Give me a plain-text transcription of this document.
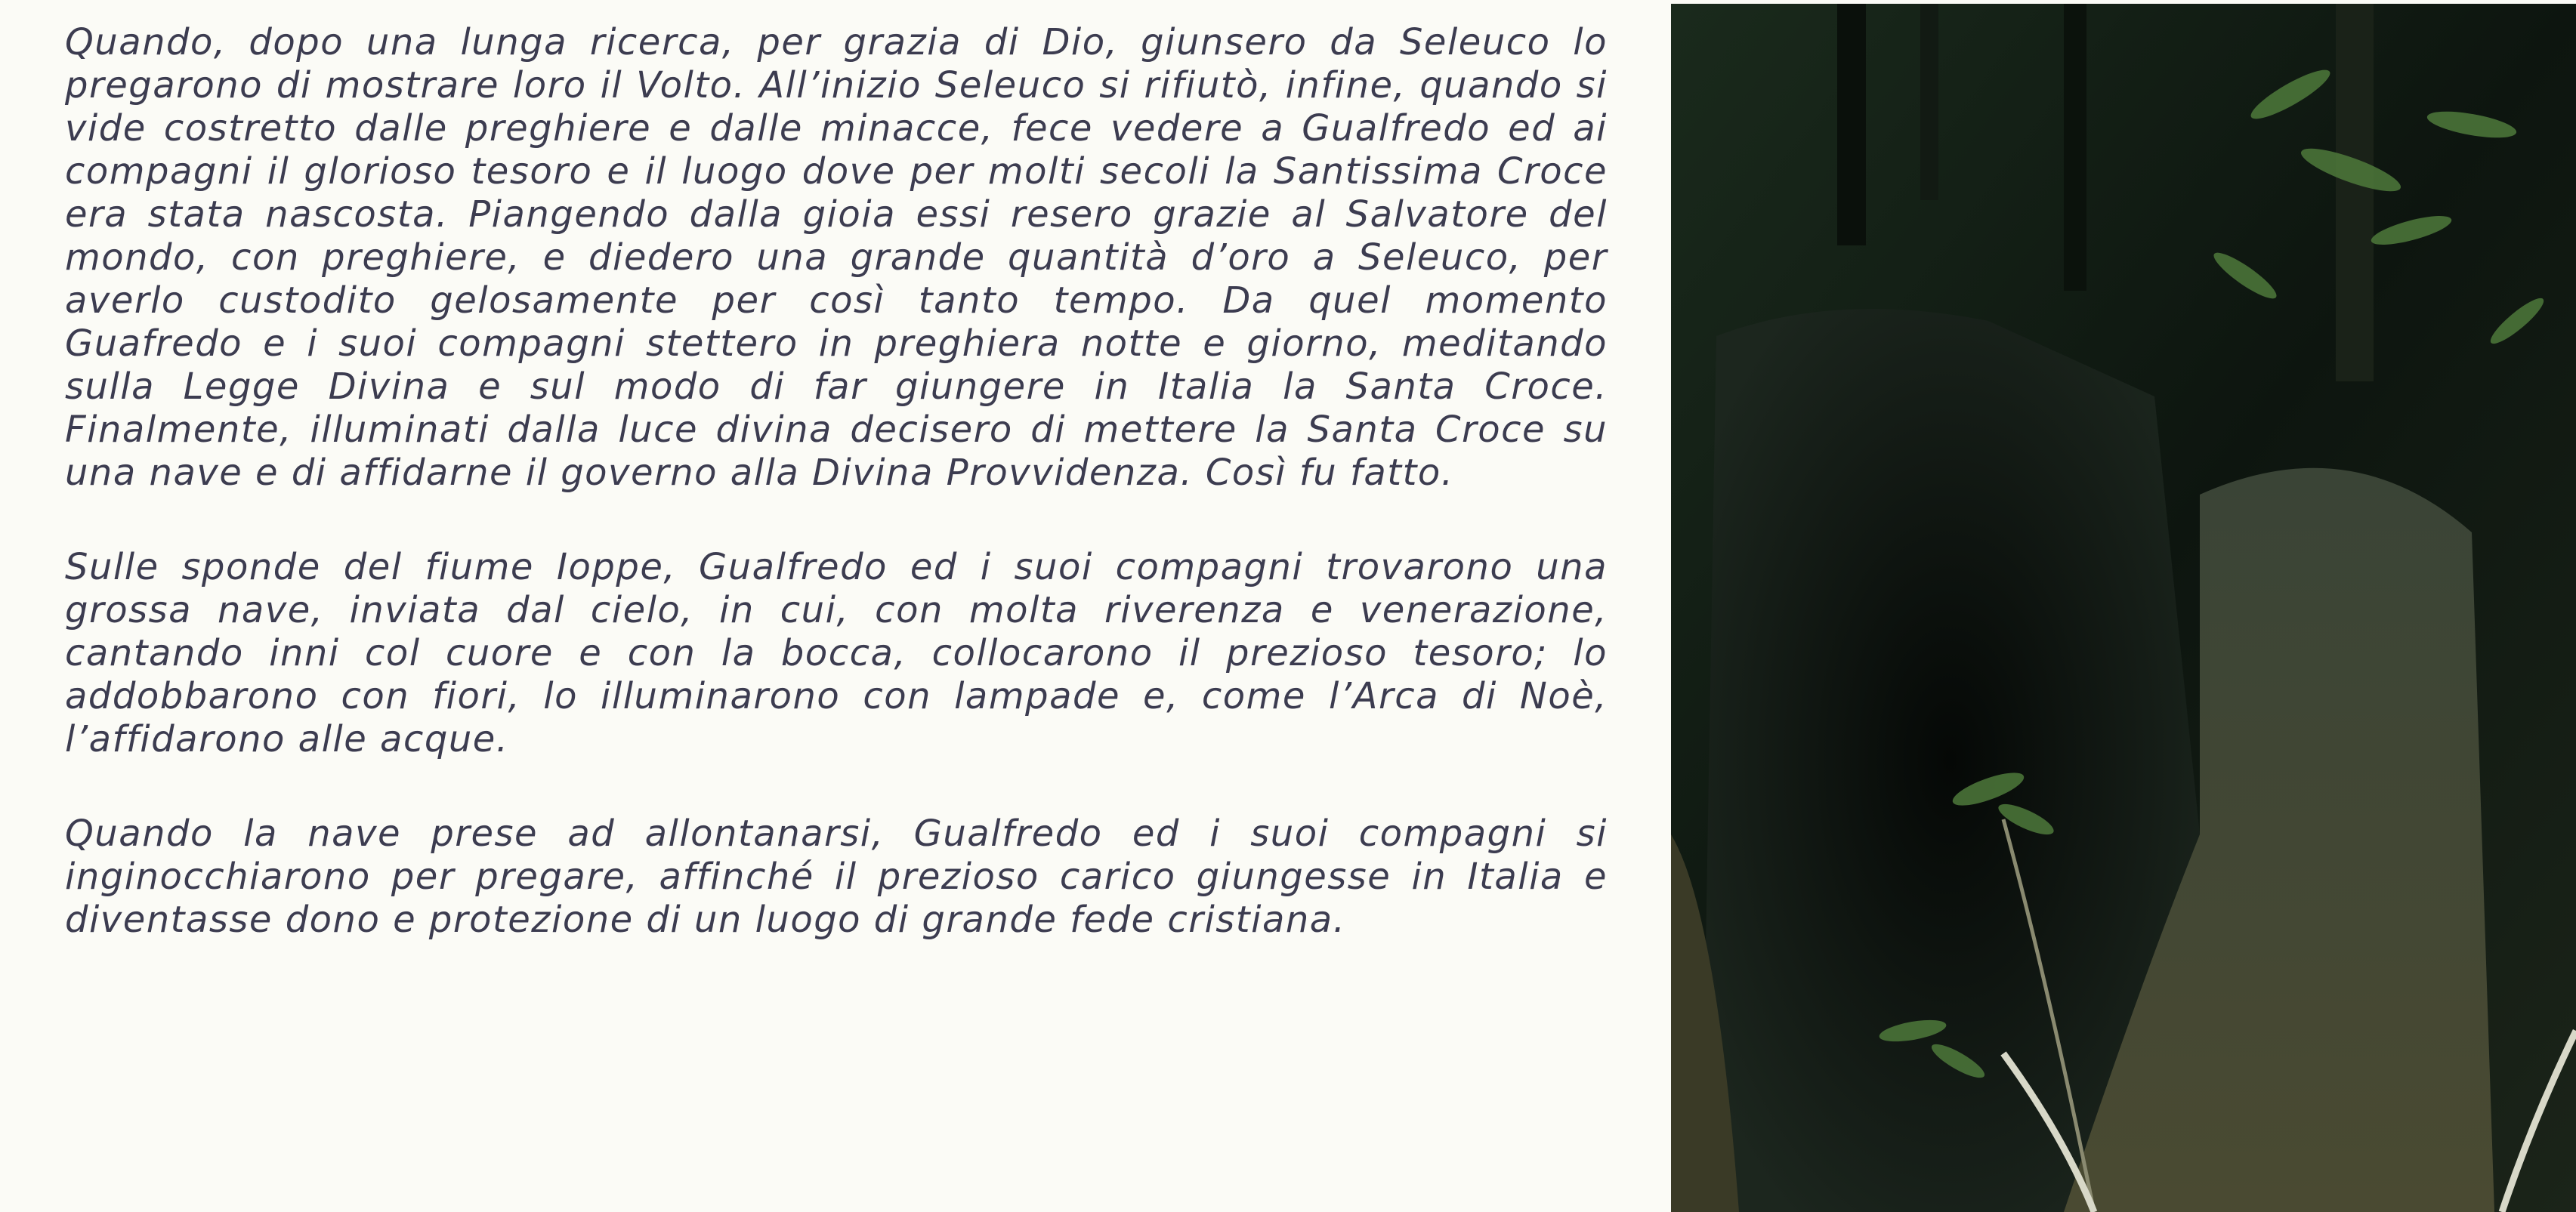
Quando, dopo una lunga ricerca, per grazia di Dio, giunsero da Seleuco lo pregarono di mostrare loro il Volto. All’inizio Seleuco si rifiutò, infine, quando si vide costretto dalle preghiere e dalle minacce, fece vedere a Gualfredo ed ai compagni il glorioso tesoro e il luogo dove per molti secoli la Santissima Croce era stata nascosta. Piangendo dalla gioia essi resero grazie al Salvatore del mondo, con preghiere, e diedero una grande quantità d’oro a Seleuco, per averlo custodito gelosamente per così tanto tempo. Da quel momento Guafredo e i suoi compagni stettero in preghiera notte e giorno, meditando sulla Legge Divina e sul modo di far giungere in Italia la Santa Croce. Finalmente, illuminati dalla luce divina decisero di mettere la Santa Croce su una nave e di affidarne il governo alla Divina Provvidenza. Così fu fatto.

Sulle sponde del fiume Ioppe, Gualfredo ed i suoi compagni trovarono una grossa nave, inviata dal cielo, in cui, con molta riverenza e venerazione, cantando inni col cuore e con la bocca, collocarono il prezioso tesoro; lo addobbarono con fiori, lo illuminarono con lampade e, come l’Arca di Noè, l’affidarono alle acque.

Quando la nave prese ad allontanarsi, Gualfredo ed i suoi compagni si inginocchiarono per pregare, affinché il prezioso carico giungesse in Italia e diventasse dono e protezione di un luogo di grande fede cristiana.
